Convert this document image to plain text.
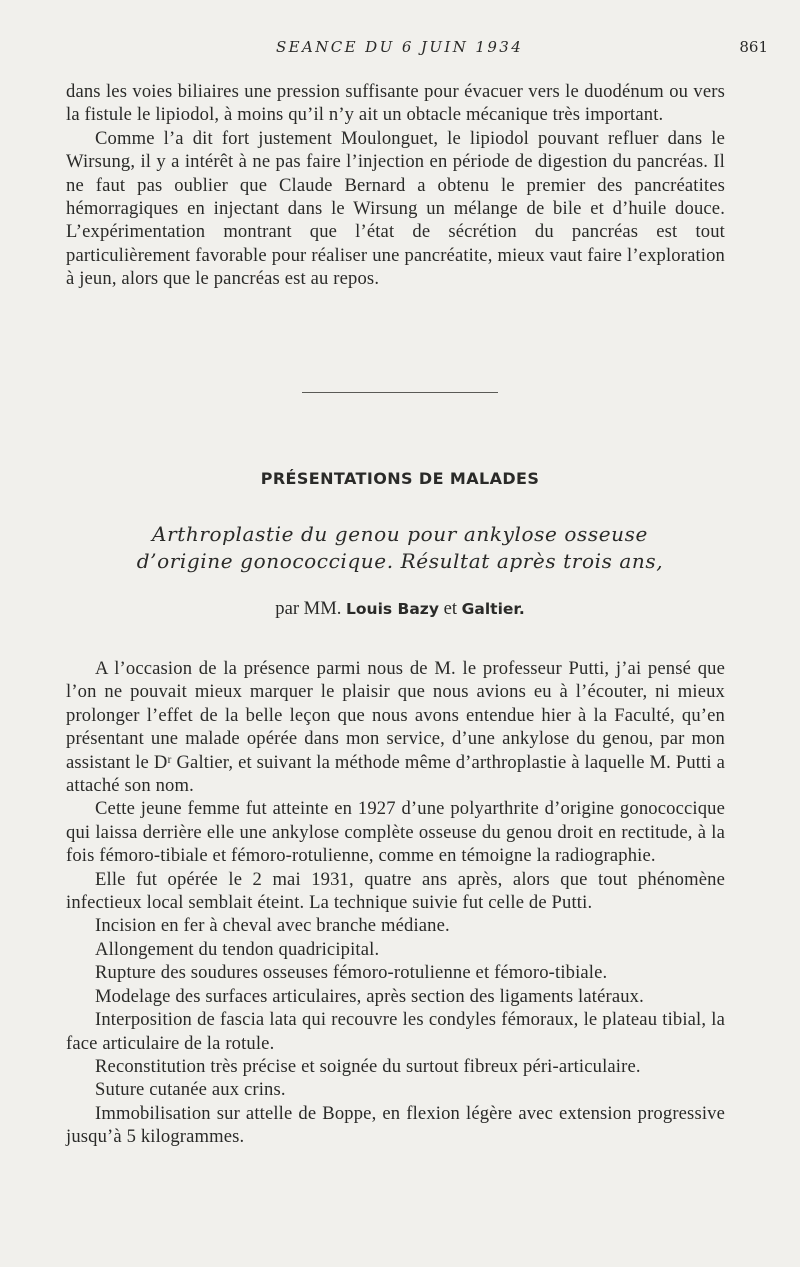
SEANCE DU 6 JUIN 1934	861

dans les voies biliaires une pression suffisante pour évacuer vers le duodénum ou vers la fistule le lipiodol, à moins qu’il n’y ait un obtacle mécanique très important.

Comme l’a dit fort justement Moulonguet, le lipiodol pouvant refluer dans le Wirsung, il y a intérêt à ne pas faire l’injection en période de digestion du pancréas. Il ne faut pas oublier que Claude Bernard a obtenu le premier des pancréatites hémorragiques en injectant dans le Wirsung un mélange de bile et d’huile douce. L’expérimentation montrant que l’état de sécrétion du pancréas est tout particulièrement favorable pour réaliser une pancréatite, mieux vaut faire l’exploration à jeun, alors que le pancréas est au repos.

PRÉSENTATIONS DE MALADES
Arthroplastie du genou pour ankylose osseuse
d’origine gonococcique. Résultat après trois ans,
par MM. Louis Bazy et Galtier.

A l’occasion de la présence parmi nous de M. le professeur Putti, j’ai pensé que l’on ne pouvait mieux marquer le plaisir que nous avions eu à l’écouter, ni mieux prolonger l’effet de la belle leçon que nous avons entendue hier à la Faculté, qu’en présentant une malade opérée dans mon service, d’une ankylose du genou, par mon assistant le Dʳ Galtier, et suivant la méthode même d’arthroplastie à laquelle M. Putti a attaché son nom.

Cette jeune femme fut atteinte en 1927 d’une polyarthrite d’origine gonococcique qui laissa derrière elle une ankylose complète osseuse du genou droit en rectitude, à la fois fémoro-tibiale et fémoro-rotulienne, comme en témoigne la radiographie.

Elle fut opérée le 2 mai 1931, quatre ans après, alors que tout phénomène infectieux local semblait éteint. La technique suivie fut celle de Putti.

Incision en fer à cheval avec branche médiane.

Allongement du tendon quadricipital.

Rupture des soudures osseuses fémoro-rotulienne et fémoro-tibiale.

Modelage des surfaces articulaires, après section des ligaments latéraux.

Interposition de fascia lata qui recouvre les condyles fémoraux, le plateau tibial, la face articulaire de la rotule.

Reconstitution très précise et soignée du surtout fibreux péri-articulaire.

Suture cutanée aux crins.

Immobilisation sur attelle de Boppe, en flexion légère avec extension progressive jusqu’à 5 kilogrammes.
